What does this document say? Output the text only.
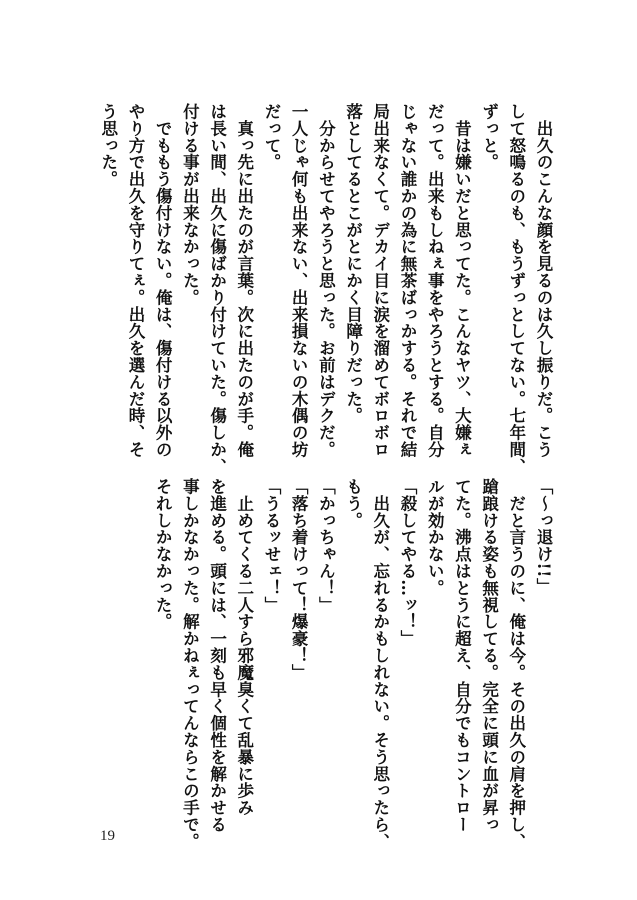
　出久のこんな顔を見るのは久し振りだ。こう
して怒鳴るのも、もうずっとしてない。七年間、
ずっと。
　昔は嫌いだと思ってた。こんなヤツ、大嫌ぇ
だって。出来もしねぇ事をやろうとする。自分
じゃない誰かの為に無茶ばっかする。それで結
局出来なくて。デカイ目に涙を溜めてボロボロ
落としてるとこがとにかく目障りだった。
　分からせてやろうと思った。お前はデクだ。
一人じゃ何も出来ない、出来損ないの木偶の坊
だって。
　真っ先に出たのが言葉。次に出たのが手。俺
は長い間、出久に傷ばかり付けていた。傷しか、
付ける事が出来なかった。
　でももう傷付けない。俺は、傷付ける以外の
やり方で出久を守りてぇ。出久を選んだ時、そ
う思った。
「～っ退け!!」
　だと言うのに、俺は今。その出久の肩を押し、
蹌踉ける姿も無視してる。完全に頭に血が昇っ
てた。沸点はとうに超え、自分でもコントロー
ルが効かない。
「殺してやる…ッ！」
　出久が、忘れるかもしれない。そう思ったら、
もう。
「かっちゃん！」
「落ち着けって！爆豪！」
「うるッせェ！」
　止めてくる二人すら邪魔臭くて乱暴に歩み
を進める。頭には、一刻も早く個性を解かせる
事しかなかった。解かねぇってんならこの手で。
それしかなかった。
19
